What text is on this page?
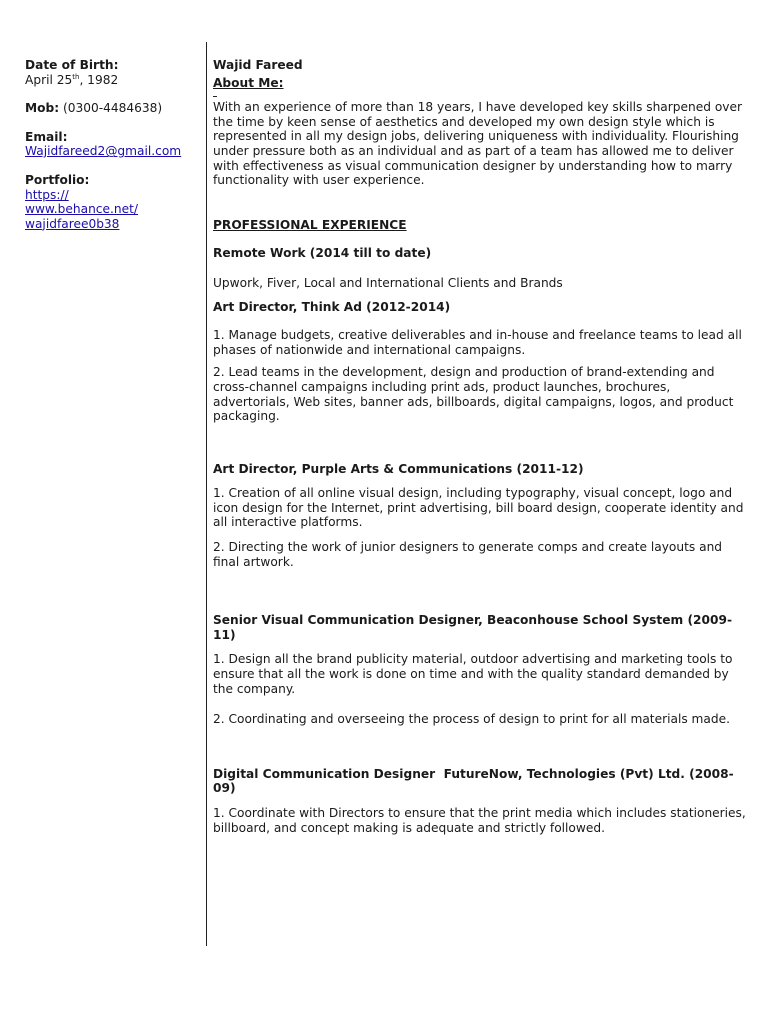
Date of Birth:
April 25th, 1982
Mob: (0300-4484638)
Email:
Wajidfareed2@gmail.com
Portfolio:
https://
www.behance.net/
wajidfaree0b38
Wajid Fareed
About Me:

With an experience of more than 18 years, I have developed key skills sharpened over the time by keen sense of aesthetics and developed my own design style which is represented in all my design jobs, delivering uniqueness with individuality. Flourishing under pressure both as an individual and as part of a team has allowed me to deliver with effectiveness as visual communication designer by understanding how to marry functionality with user experience.

PROFESSIONAL EXPERIENCE
Remote Work (2014 till to date)

Upwork, Fiver, Local and International Clients and Brands

Art Director, Think Ad (2012-2014)

1. Manage budgets, creative deliverables and in-house and freelance teams to lead all phases of nationwide and international campaigns.

2. Lead teams in the development, design and production of brand-extending and cross-channel campaigns including print ads, product launches, brochures, advertorials, Web sites, banner ads, billboards, digital campaigns, logos, and product packaging.

Art Director, Purple Arts & Communications (2011-12)

1. Creation of all online visual design, including typography, visual concept, logo and icon design for the Internet, print advertising, bill board design, cooperate identity and all interactive platforms.

2. Directing the work of junior designers to generate comps and create layouts and final artwork.

Senior Visual Communication Designer, Beaconhouse School System (2009-11)

1. Design all the brand publicity material, outdoor advertising and marketing tools to ensure that all the work is done on time and with the quality standard demanded by the company.

2. Coordinating and overseeing the process of design to print for all materials made.

Digital Communication Designer  FutureNow, Technologies (Pvt) Ltd. (2008-09)

1. Coordinate with Directors to ensure that the print media which includes stationeries, billboard, and concept making is adequate and strictly followed.
